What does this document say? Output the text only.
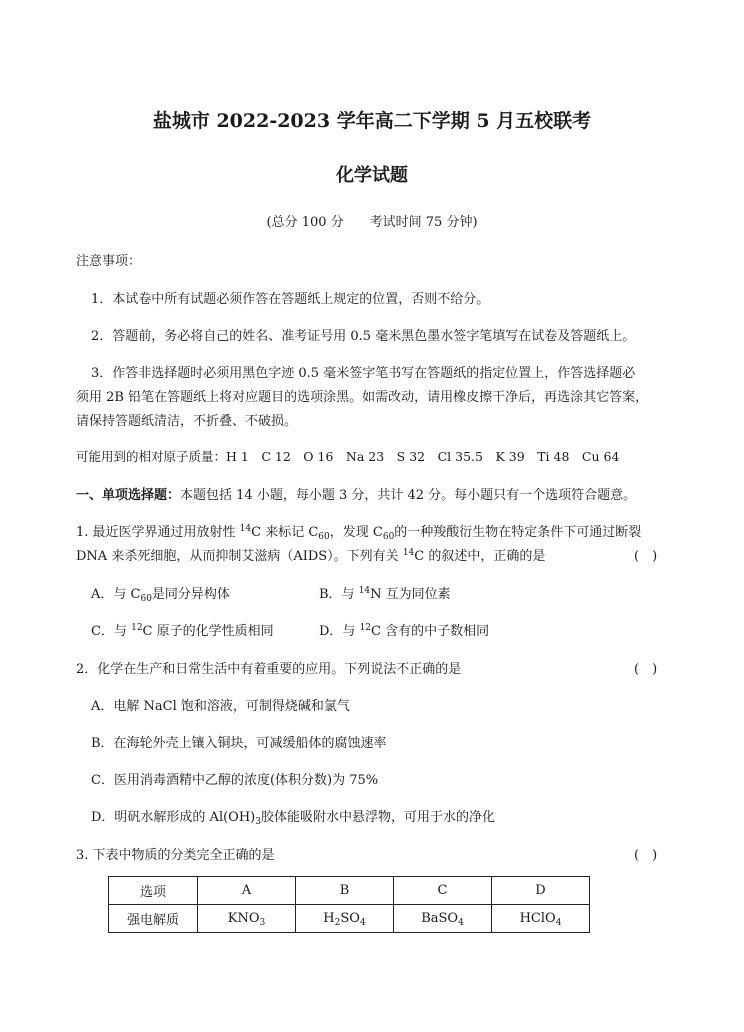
盐城市 2022-2023 学年高二下学期 5 月五校联考
化学试题
(总分 100 分　　考试时间 75 分钟)
注意事项：
1．本试卷中所有试题必须作答在答题纸上规定的位置，否则不给分。
2．答题前，务必将自己的姓名、准考证号用 0.5 毫米黑色墨水签字笔填写在试卷及答题纸上。
3．作答非选择题时必须用黑色字迹 0.5 毫米签字笔书写在答题纸的指定位置上，作答选择题必
须用 2B 铅笔在答题纸上将对应题目的选项涂黑。如需改动，请用橡皮擦干净后，再选涂其它答案，
请保持答题纸清洁，不折叠、不破损。
可能用到的相对原子质量：H 1　C 12　O 16　Na 23　S 32　Cl 35.5　K 39　Ti 48　Cu 64
一、单项选择题：本题包括 14 小题，每小题 3 分，共计 42 分。每小题只有一个选项符合题意。
1. 最近医学界通过用放射性 $^{14}$C 来标记 $C_{60}$，发现 $C_{60}$的一种羧酸衍生物在特定条件下可通过断裂
DNA 来杀死细胞，从而抑制艾滋病（AIDS）。下列有关 $^{14}$C 的叙述中，正确的是	(　)
A．与 $C_{60}$是同分异构体	B．与 $^{14}$N 互为同位素
C．与 $^{12}$C 原子的化学性质相同	D．与 $^{12}$C 含有的中子数相同
2．化学在生产和日常生活中有着重要的应用。下列说法不正确的是	(　)
A．电解 NaCl 饱和溶液，可制得烧碱和氯气
B．在海轮外壳上镶入铜块，可减缓船体的腐蚀速率
C．医用消毒酒精中乙醇的浓度(体积分数)为 75%
D．明矾水解形成的 $Al(OH)_3$胶体能吸附水中悬浮物，可用于水的净化
3. 下表中物质的分类完全正确的是	(　)
选项	A	B	C	D
强电解质	$KNO_3$	$H_2SO_4$	BaSO$_4$	HClO$_4$
